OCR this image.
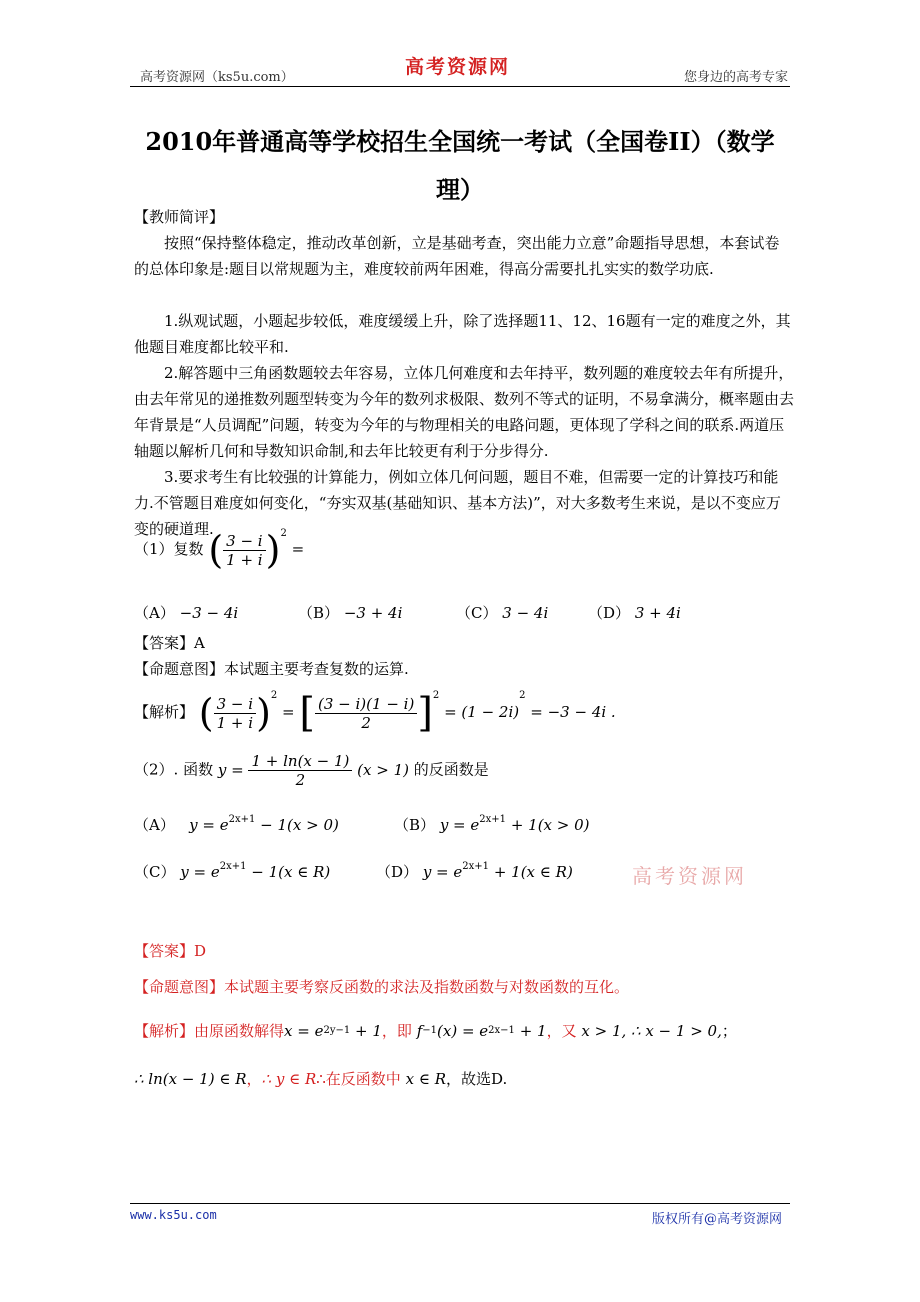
高考资源网（ks5u.com）	高考资源网	您身边的高考专家
2010年普通高等学校招生全国统一考试（全国卷II）（数学
理）
【教师简评】
按照“保持整体稳定，推动改革创新，立是基础考查，突出能力立意”命题指导思想，本套试卷的总体印象是:题目以常规题为主，难度较前两年困难，得高分需要扎扎实实的数学功底.
1.纵观试题，小题起步较低，难度缓缓上升，除了选择题11、12、16题有一定的难度之外，其他题目难度都比较平和.
2.解答题中三角函数题较去年容易，立体几何难度和去年持平，数列题的难度较去年有所提升，由去年常见的递推数列题型转变为今年的数列求极限、数列不等式的证明，不易拿满分，概率题由去年背景是“人员调配”问题，转变为今年的与物理相关的电路问题，更体现了学科之间的联系.两道压轴题以解析几何和导数知识命制,和去年比较更有利于分步得分.
3.要求考生有比较强的计算能力，例如立体几何问题，题目不难，但需要一定的计算技巧和能力.不管题目难度如何变化，“夯实双基(基础知识、基本方法)”，对大多数考生来说，是以不变应万变的硬道理.
（1）复数 ( $\frac{3 - i}{1 + i} )^2$ =
（A） −3 − 4i	（B） −3 + 4i	（C） 3 − 4i	（D） 3 + 4i
【答案】A
【命题意图】本试题主要考查复数的运算.
【解析】 ( $\frac{3 - i}{1 + i} )^2$ = [ $\frac{(3 - i)(1 - i)}{2} ]^2 = (1 - 2i)^2 = -3 - 4i$ .
（2）. 函数 $y = \frac{1 + \ln(x - 1)}{2} (x > 1)$ 的反函数是
（A） $y = e^{2x+1} - 1(x > 0)$	（B） $y = e^{2x+1} + 1(x > 0)$
（C） $y = e^{2x+1} - 1(x$ ∈ R)	（D） $y = e^{2x+1} + 1(x$ ∈ R)	高考资源网
【答案】D
【命题意图】本试题主要考察反函数的求法及指数函数与对数函数的互化。
【解析】由原函数解得$x = e^{2y-1} + 1$，即 $f^{-1}(x) = e^{2x-1} + 1$，又 x > 1, ∴ x − 1 > 0,；
∴ ln(x − 1) ∈ R，∴ y ∈ R∴在反函数中 x ∈ R，故选D.
www.ks5u.com	版权所有@高考资源网
